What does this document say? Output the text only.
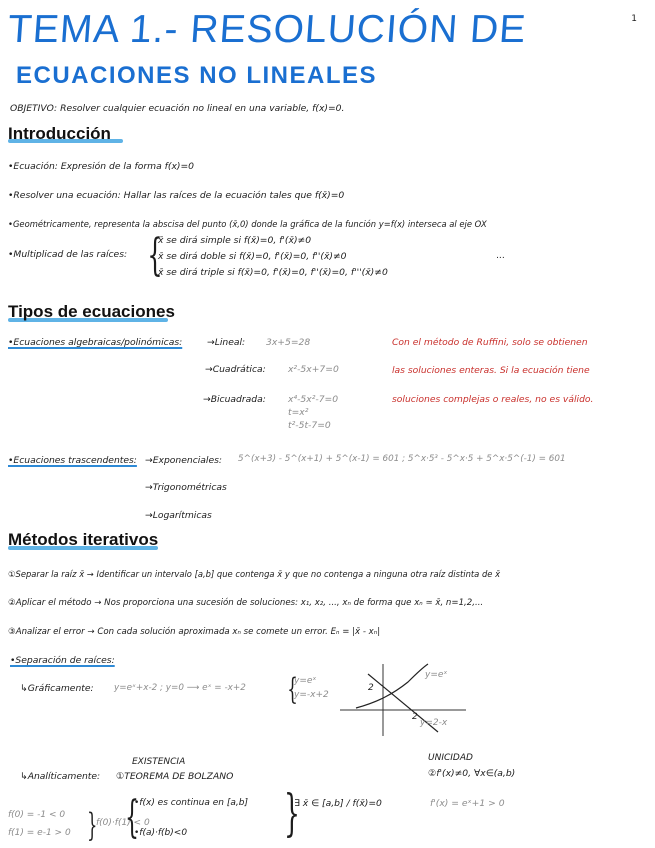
1
TEMA 1.- RESOLUCIÓN DE
ECUACIONES NO LINEALES
OBJETIVO: Resolver cualquier ecuación no lineal en una variable, f(x)=0.
Introducción
•Ecuación: Expresión de la forma f(x)=0
•Resolver una ecuación: Hallar las raíces de la ecuación tales que f(x̄)=0
•Geométricamente, representa la abscisa del punto (x̄,0) donde la gráfica de la función y=f(x) interseca al eje OX
•Multiplicad de las raíces: {
x̄ se dirá simple si f(x̄)=0, f'(x̄)≠0
x̄ se dirá doble si f(x̄)=0, f'(x̄)=0, f''(x̄)≠0
x̄ se dirá triple si f(x̄)=0, f'(x̄)=0, f''(x̄)=0, f'''(x̄)≠0
...
Tipos de ecuaciones
•Ecuaciones algebraicas/polinómicas:	→Lineal: 3x+5=28
→Cuadrática: x²-5x+7=0
→Bicuadrada: x⁴-5x²-7=0
t=x²
t²-5t-7=0
Con el método de Ruffini, solo se obtienen
las soluciones enteras. Si la ecuación tiene
soluciones complejas o reales, no es válido.
•Ecuaciones trascendentes: →Exponenciales: 5^(x+3) - 5^(x+1) + 5^(x-1) = 601 ; 5^x·5³ - 5^x·5 + 5^x·5^(-1) = 601
→Trigonométricas
→Logarítmicas
Métodos iterativos
①Separar la raíz x̄ → Identificar un intervalo [a,b] que contenga x̄ y que no contenga a ninguna otra raíz distinta de x̄
②Aplicar el método → Nos proporciona una sucesión de soluciones: x₁, x₂, ..., xₙ de forma que xₙ ≃ x̄, n=1,2,...
③Analizar el error → Con cada solución aproximada xₙ se comete un error. Eₙ = |x̄ - xₙ|
•Separación de raíces:
↳Gráficamente: y=eˣ+x-2 ; y=0 ⟶ eˣ = -x+2 {
y=eˣ
y=-x+2
2
y=eˣ
2
y=2-x
EXISTENCIA
↳Analíticamente: ①TEOREMA DE BOLZANO
UNICIDAD
②f'(x)≠0, ∀x∈(a,b)
•f(x) es continua en [a,b]
•f(a)·f(b)<0 }
∃ x̄ ∈ [a,b] / f(x̄)=0	f'(x) = eˣ+1 > 0
f(0) = -1 < 0
f(1) = e-1 > 0 }
f(0)·f(1) < 0
{
